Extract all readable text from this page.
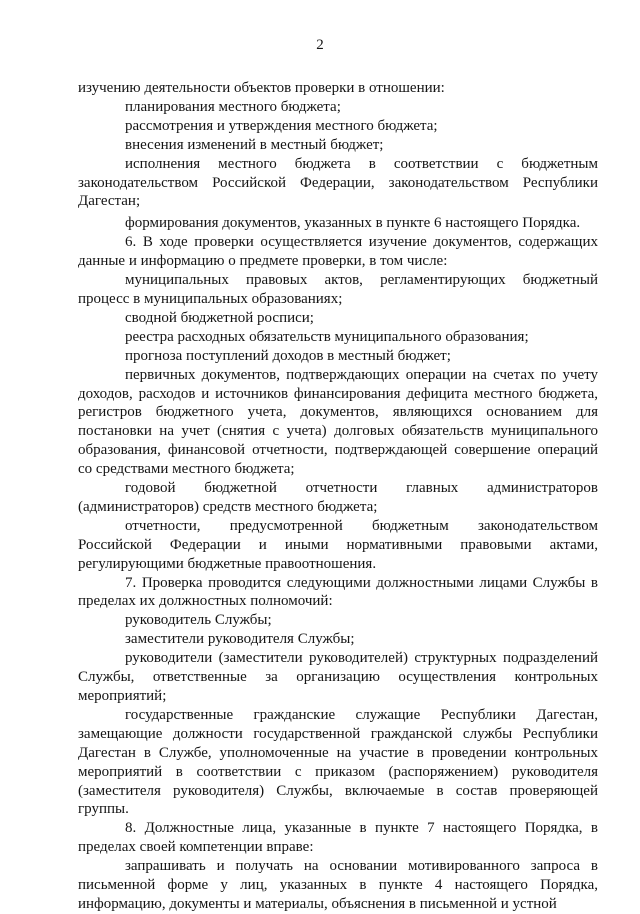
2

изучению деятельности объектов проверки в отношении:

планирования местного бюджета;

рассмотрения и утверждения местного бюджета;

внесения изменений в местный бюджет;

исполнения местного бюджета в соответствии с бюджетным законодательством Российской Федерации, законодательством Республики Дагестан;

формирования документов, указанных в пункте 6 настоящего Порядка.

6. В ходе проверки осуществляется изучение документов, содержащих данные и информацию о предмете проверки, в том числе:

муниципальных правовых актов, регламентирующих бюджетный процесс в муниципальных образованиях;

сводной бюджетной росписи;

реестра расходных обязательств муниципального образования;

прогноза поступлений доходов в местный бюджет;

первичных документов, подтверждающих операции на счетах по учету доходов, расходов и источников финансирования дефицита местного бюджета, регистров бюджетного учета, документов, являющихся основанием для постановки на учет (снятия с учета) долговых обязательств муниципального образования, финансовой отчетности, подтверждающей совершение операций со средствами местного бюджета;

годовой бюджетной отчетности главных администраторов (администраторов) средств местного бюджета;

отчетности, предусмотренной бюджетным законодательством Российской Федерации и иными нормативными правовыми актами, регулирующими бюджетные правоотношения.

7. Проверка проводится следующими должностными лицами Службы в пределах их должностных полномочий:

руководитель Службы;

заместители руководителя Службы;

руководители (заместители руководителей) структурных подразделений Службы, ответственные за организацию осуществления контрольных мероприятий;

государственные гражданские служащие Республики Дагестан, замещающие должности государственной гражданской службы Республики Дагестан в Службе, уполномоченные на участие в проведении контрольных мероприятий в соответствии с приказом (распоряжением) руководителя (заместителя руководителя) Службы, включаемые в состав проверяющей группы.

8. Должностные лица, указанные в пункте 7 настоящего Порядка, в пределах своей компетенции вправе:

запрашивать и получать на основании мотивированного запроса в письменной форме у лиц, указанных в пункте 4 настоящего Порядка, информацию, документы и материалы, объяснения в письменной и устной
